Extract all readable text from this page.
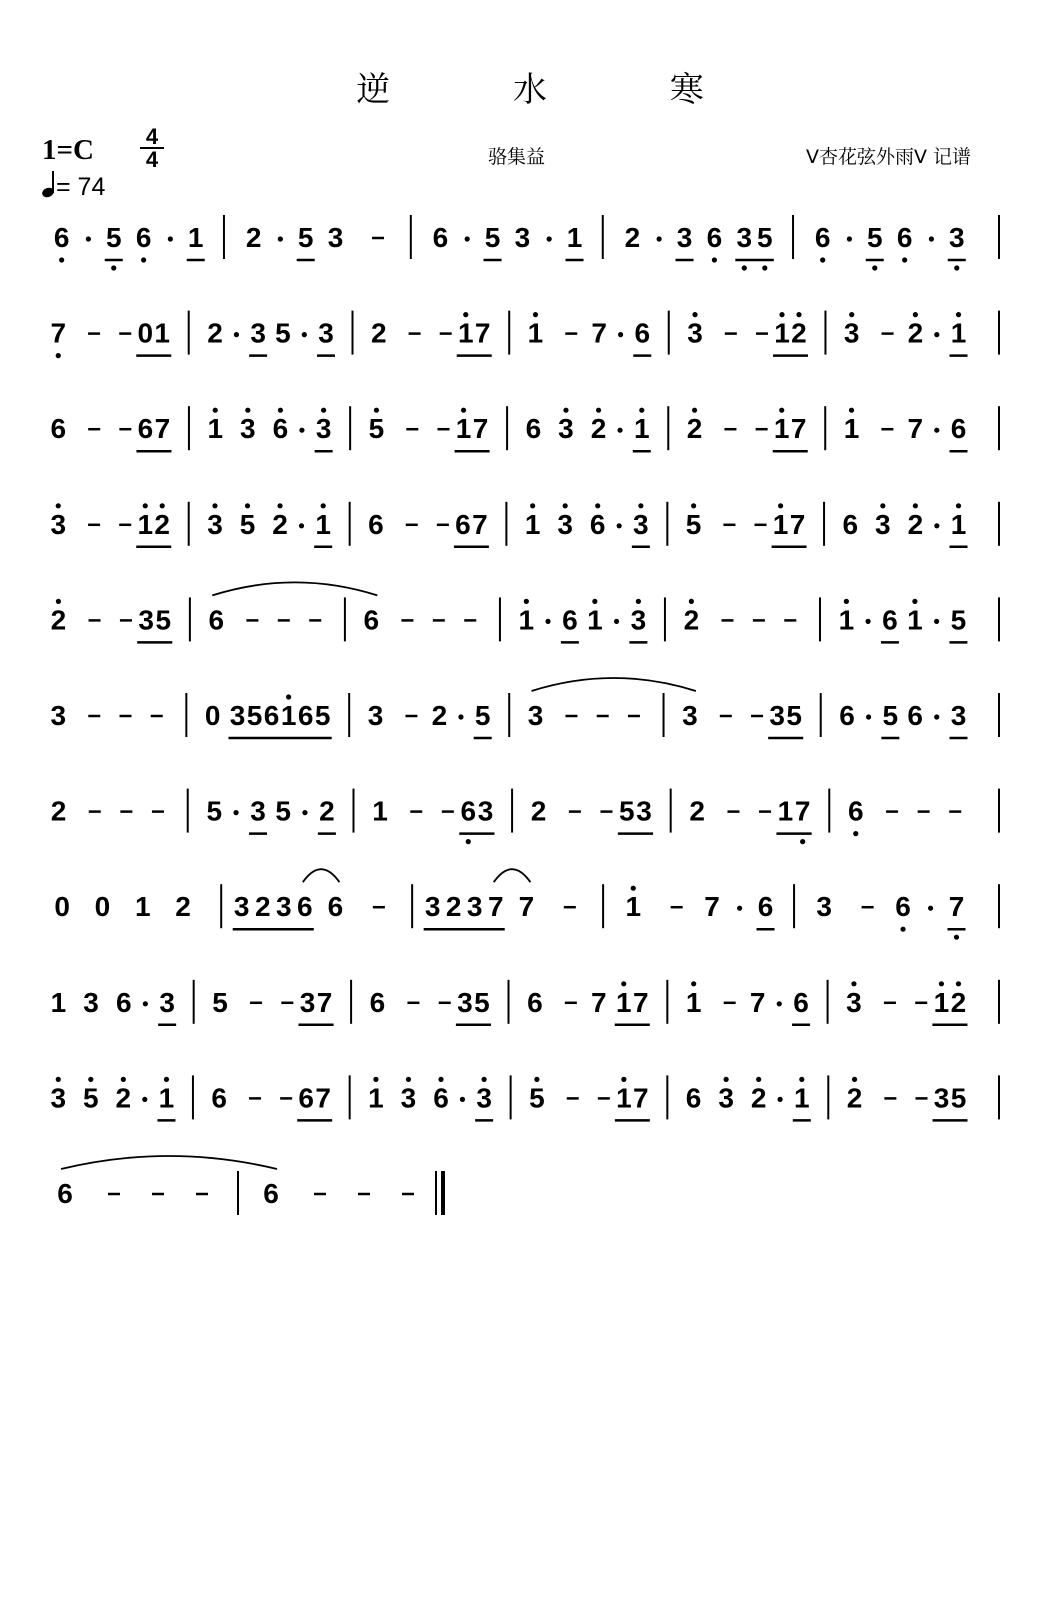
逆 水 寒
1=C 4
4
= 74
骆集益	V杏花弦外雨V 记谱
6 5 6 1 2 5 3	6 5 3 1 2 3 6 3 5 6 5 6 3
7	0 1 2 3 5 3 2	1 7 1 7 6 3	1 2 3 2 1
6	6 7 1 3 6 3 5	1 7 6 3 2 1 2	1 7 1 7 6
3	1 2 3 5 2 1 6	6 7 1 3 6 3 5	1 7 6 3 2 1
2	3 5 6	6	1 6 1 3 2	1 6 1 5
3	0 3 5 6 1 6 5 3 2 5 3	3	3 5 6 5 6 3
2	5 3 5 2 1	6 3 2	5 3 2	1 7 6
0 0 1 2 3 2 3 6 6	3 2 3 7 7	1 7 6 3 6 7
1 3 6 3 5	3 7 6	3 5 6 7 1 7 1 7 6 3	1 2
3 5 2 1 6	6 7 1 3 6 3 5	1 7 6 3 2 1 2	3 5
6	6
